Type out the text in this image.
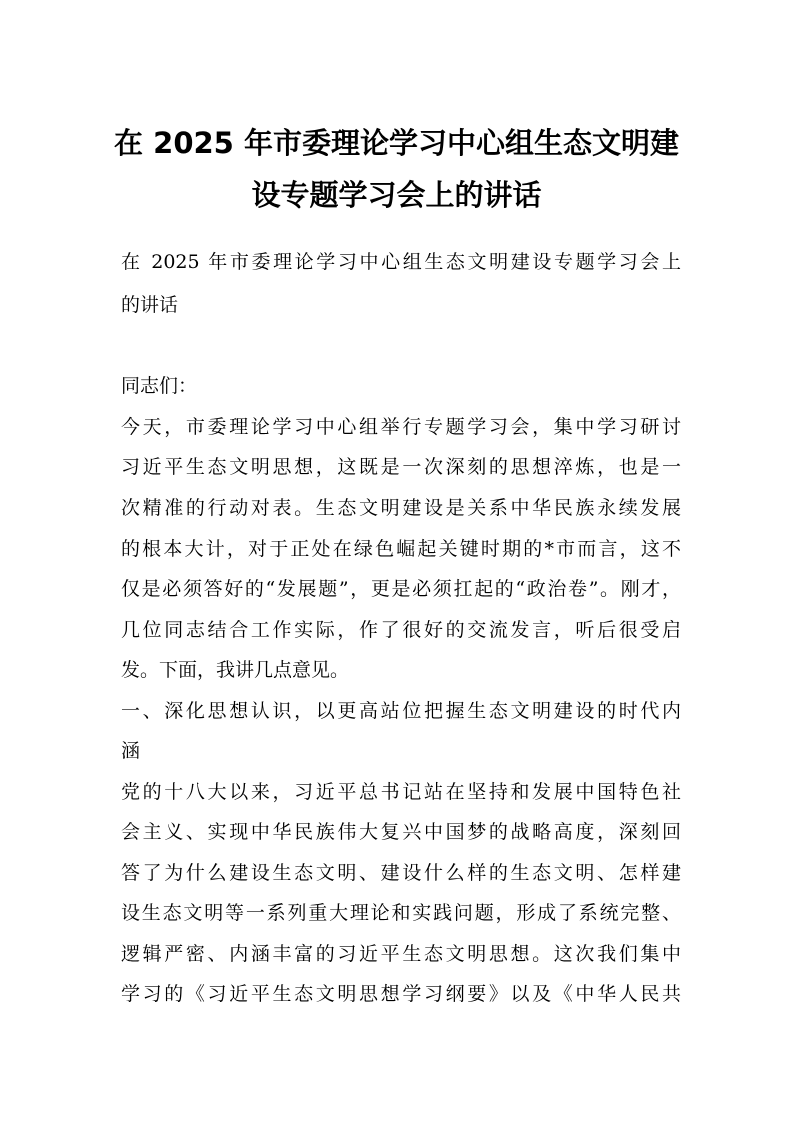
在 2025 年市委理论学习中心组生态文明建
设专题学习会上的讲话
在 2025 年市委理论学习中心组生态文明建设专题学习会上
的讲话
同志们：
今天，市委理论学习中心组举行专题学习会，集中学习研讨
习近平生态文明思想，这既是一次深刻的思想淬炼，也是一
次精准的行动对表。生态文明建设是关系中华民族永续发展
的根本大计，对于正处在绿色崛起关键时期的*市而言，这不
仅是必须答好的“发展题”，更是必须扛起的“政治卷”。刚才，
几位同志结合工作实际，作了很好的交流发言，听后很受启
发。下面，我讲几点意见。
一、深化思想认识，以更高站位把握生态文明建设的时代内
涵
党的十八大以来，习近平总书记站在坚持和发展中国特色社
会主义、实现中华民族伟大复兴中国梦的战略高度，深刻回
答了为什么建设生态文明、建设什么样的生态文明、怎样建
设生态文明等一系列重大理论和实践问题，形成了系统完整、
逻辑严密、内涵丰富的习近平生态文明思想。这次我们集中
学习的《习近平生态文明思想学习纲要》以及《中华人民共
